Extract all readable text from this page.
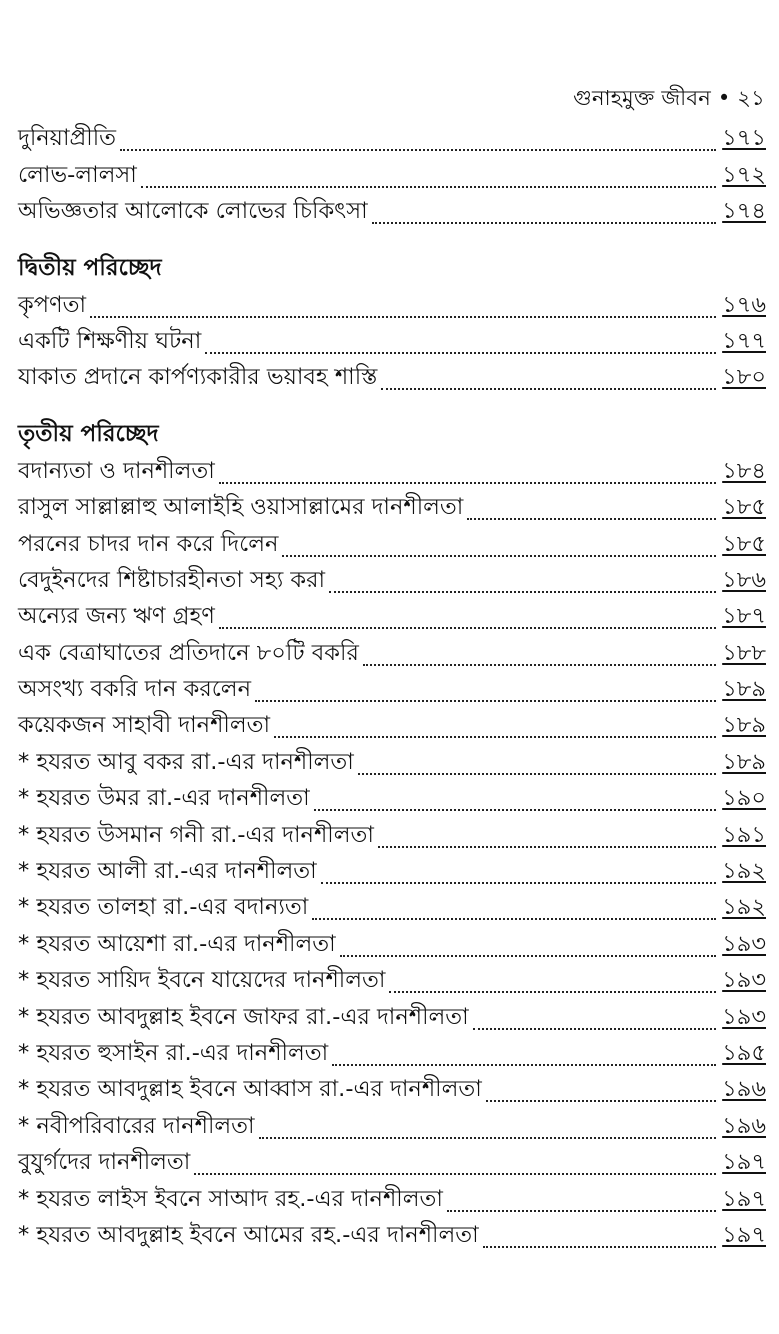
গুনাহমুক্ত জীবন • ২১
দুনিয়াপ্রীতি	১৭১
লোভ-লালসা	১৭২
অভিজ্ঞতার আলোকে লোভের চিকিৎসা	১৭৪
দ্বিতীয় পরিচ্ছেদ
কৃপণতা	১৭৬
একটি শিক্ষণীয় ঘটনা	১৭৭
যাকাত প্রদানে কার্পণ্যকারীর ভয়াবহ শাস্তি	১৮০
তৃতীয় পরিচ্ছেদ
বদান্যতা ও দানশীলতা	১৮৪
রাসুল সাল্লাল্লাহু আলাইহি ওয়াসাল্লামের দানশীলতা	১৮৫
পরনের চাদর দান করে দিলেন	১৮৫
বেদুইনদের শিষ্টাচারহীনতা সহ্য করা	১৮৬
অন্যের জন্য ঋণ গ্রহণ	১৮৭
এক বেত্রাঘাতের প্রতিদানে ৮০টি বকরি	১৮৮
অসংখ্য বকরি দান করলেন	১৮৯
কয়েকজন সাহাবী দানশীলতা	১৮৯
* হযরত আবু বকর রা.-এর দানশীলতা	১৮৯
* হযরত উমর রা.-এর দানশীলতা	১৯০
* হযরত উসমান গনী রা.-এর দানশীলতা	১৯১
* হযরত আলী রা.-এর দানশীলতা	১৯২
* হযরত তালহা রা.-এর বদান্যতা	১৯২
* হযরত আয়েশা রা.-এর দানশীলতা	১৯৩
* হযরত সায়িদ ইবনে যায়েদের দানশীলতা	১৯৩
* হযরত আবদুল্লাহ ইবনে জাফর রা.-এর দানশীলতা	১৯৩
* হযরত হুসাইন রা.-এর দানশীলতা	১৯৫
* হযরত আবদুল্লাহ ইবনে আব্বাস রা.-এর দানশীলতা	১৯৬
* নবীপরিবারের দানশীলতা	১৯৬
বুযুর্গদের দানশীলতা	১৯৭
* হযরত লাইস ইবনে সাআদ রহ.-এর দানশীলতা	১৯৭
* হযরত আবদুল্লাহ ইবনে আমের রহ.-এর দানশীলতা	১৯৭
